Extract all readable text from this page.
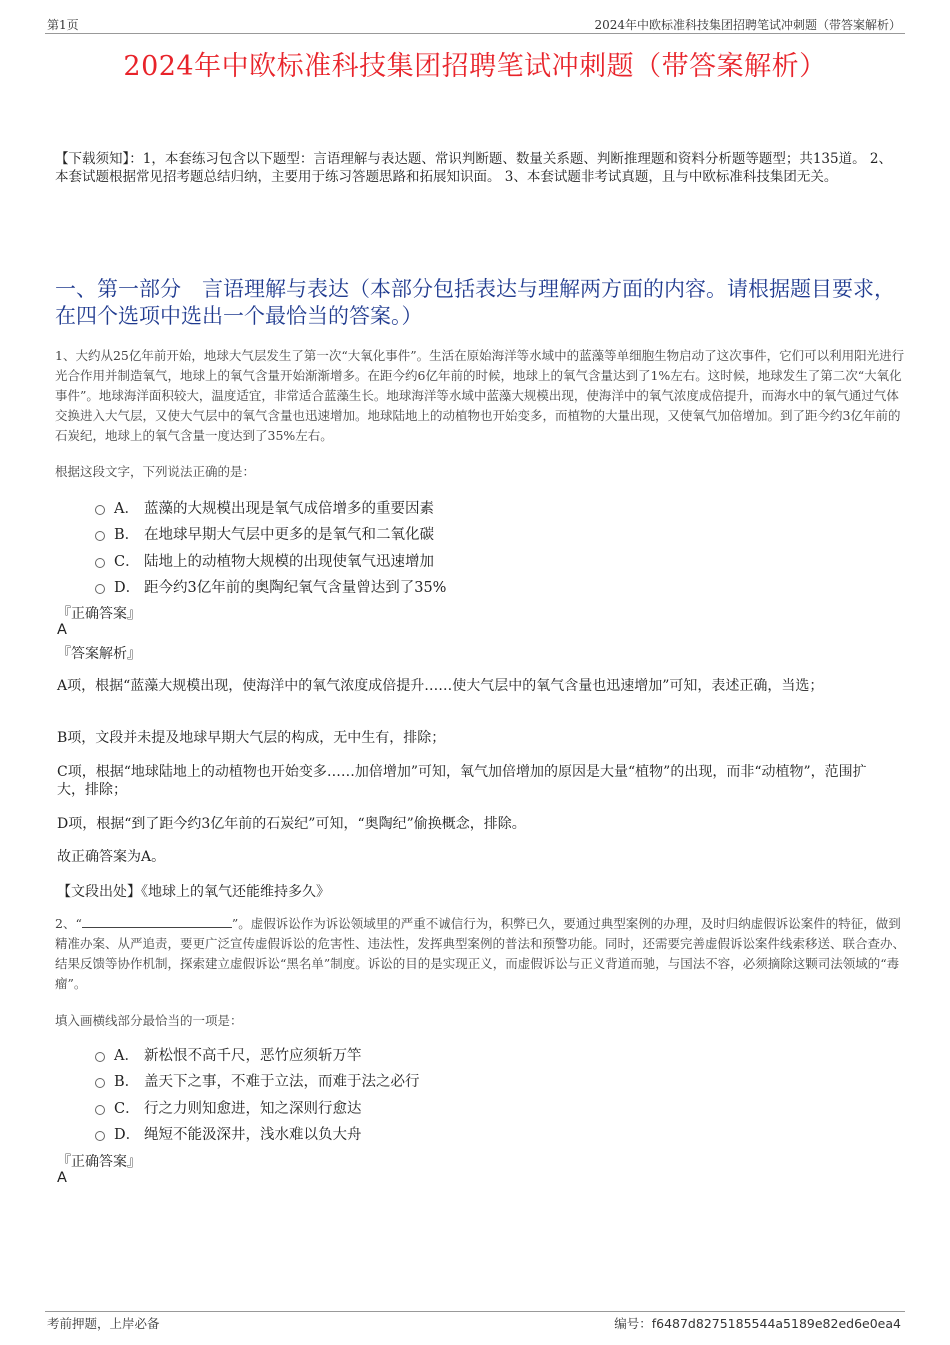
第1页	2024年中欧标准科技集团招聘笔试冲刺题（带答案解析）
2024年中欧标准科技集团招聘笔试冲刺题（带答案解析）
【下载须知】：1，本套练习包含以下题型：言语理解与表达题、常识判断题、数量关系题、判断推理题和资料分析题等题型；共135道。 2、本套试题根据常见招考题总结归纳，主要用于练习答题思路和拓展知识面。 3、本套试题非考试真题，且与中欧标准科技集团无关。
一、第一部分　言语理解与表达（本部分包括表达与理解两方面的内容。请根据题目要求，在四个选项中选出一个最恰当的答案。）
1、大约从25亿年前开始，地球大气层发生了第一次“大氧化事件”。生活在原始海洋等水域中的蓝藻等单细胞生物启动了这次事件，它们可以利用阳光进行光合作用并制造氧气，地球上的氧气含量开始渐渐增多。在距今约6亿年前的时候，地球上的氧气含量达到了1%左右。这时候，地球发生了第二次“大氧化事件”。地球海洋面积较大，温度适宜，非常适合蓝藻生长。地球海洋等水域中蓝藻大规模出现，使海洋中的氧气浓度成倍提升，而海水中的氧气通过气体交换进入大气层，又使大气层中的氧气含量也迅速增加。地球陆地上的动植物也开始变多，而植物的大量出现，又使氧气加倍增加。到了距今约3亿年前的石炭纪，地球上的氧气含量一度达到了35%左右。
根据这段文字，下列说法正确的是：
A． 蓝藻的大规模出现是氧气成倍增多的重要因素
B． 在地球早期大气层中更多的是氧气和二氧化碳
C． 陆地上的动植物大规模的出现使氧气迅速增加
D． 距今约3亿年前的奥陶纪氧气含量曾达到了35%
『正确答案』
A
『答案解析』
A项，根据“蓝藻大规模出现，使海洋中的氧气浓度成倍提升……使大气层中的氧气含量也迅速增加”可知，表述正确，当选；
B项，文段并未提及地球早期大气层的构成，无中生有，排除；
C项，根据“地球陆地上的动植物也开始变多……加倍增加”可知，氧气加倍增加的原因是大量“植物”的出现，而非“动植物”，范围扩大，排除；
D项，根据“到了距今约3亿年前的石炭纪”可知，“奥陶纪”偷换概念，排除。
故正确答案为A。
【文段出处】《地球上的氧气还能维持多久》
2、“	”。虚假诉讼作为诉讼领域里的严重不诚信行为，积弊已久，要通过典型案例的办理，及时归纳虚假诉讼案件的特征，做到精准办案、从严追责，要更广泛宣传虚假诉讼的危害性、违法性，发挥典型案例的普法和预警功能。同时，还需要完善虚假诉讼案件线索移送、联合查办、结果反馈等协作机制，探索建立虚假诉讼“黑名单”制度。诉讼的目的是实现正义，而虚假诉讼与正义背道而驰，与国法不容，必须摘除这颗司法领域的“毒瘤”。
填入画横线部分最恰当的一项是：
A． 新松恨不高千尺，恶竹应须斩万竿
B． 盖天下之事，不难于立法，而难于法之必行
C． 行之力则知愈进，知之深则行愈达
D． 绳短不能汲深井，浅水难以负大舟
『正确答案』
A
考前押题，上岸必备	编号：f6487d8275185544a5189e82ed6e0ea4
